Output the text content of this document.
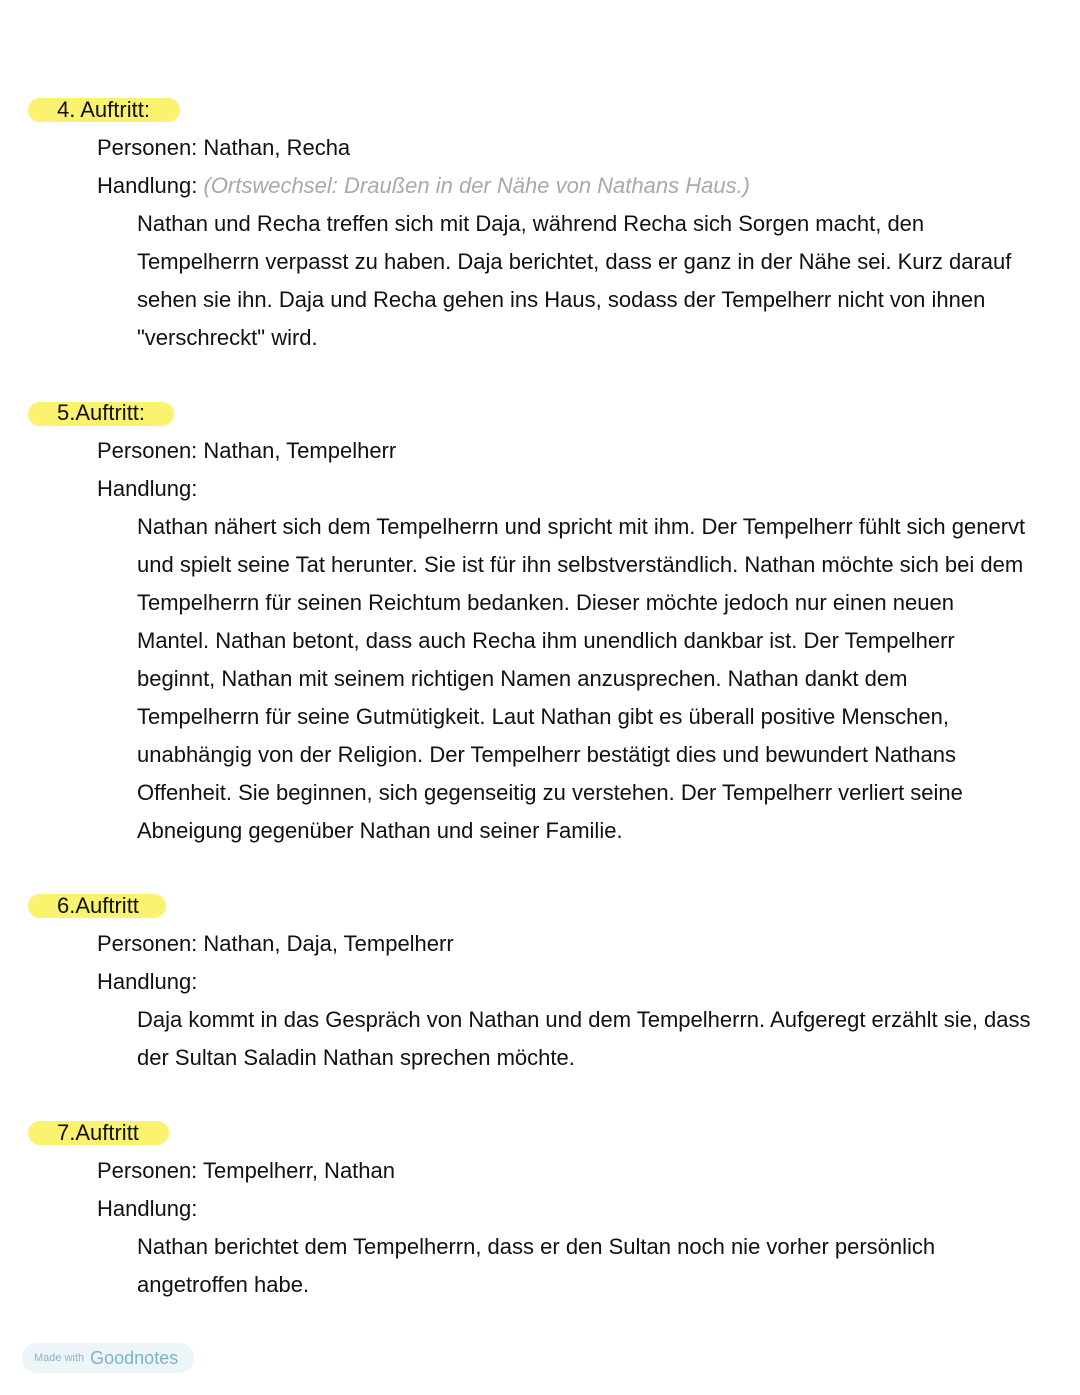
4. Auftritt:
Personen: Nathan, Recha
Handlung: (Ortswechsel: Draußen in der Nähe von Nathans Haus.)

Nathan und Recha treffen sich mit Daja, während Recha sich Sorgen macht, den Tempelherrn verpasst zu haben. Daja berichtet, dass er ganz in der Nähe sei. Kurz darauf sehen sie ihn. Daja und Recha gehen ins Haus, sodass der Tempelherr nicht von ihnen "verschreckt" wird.

5.Auftritt:
Personen: Nathan, Tempelherr
Handlung:

Nathan nähert sich dem Tempelherrn und spricht mit ihm. Der Tempelherr fühlt sich genervt und spielt seine Tat herunter. Sie ist für ihn selbstverständlich. Nathan möchte sich bei dem Tempelherrn für seinen Reichtum bedanken. Dieser möchte jedoch nur einen neuen Mantel. Nathan betont, dass auch Recha ihm unendlich dankbar ist. Der Tempelherr beginnt, Nathan mit seinem richtigen Namen anzusprechen. Nathan dankt dem Tempelherrn für seine Gutmütigkeit. Laut Nathan gibt es überall positive Menschen, unabhängig von der Religion. Der Tempelherr bestätigt dies und bewundert Nathans Offenheit. Sie beginnen, sich gegenseitig zu verstehen. Der Tempelherr verliert seine Abneigung gegenüber Nathan und seiner Familie.

6.Auftritt
Personen: Nathan, Daja, Tempelherr
Handlung:

Daja kommt in das Gespräch von Nathan und dem Tempelherrn. Aufgeregt erzählt sie, dass der Sultan Saladin Nathan sprechen möchte.

7.Auftritt
Personen: Tempelherr, Nathan
Handlung:

Nathan berichtet dem Tempelherrn, dass er den Sultan noch nie vorher persönlich angetroffen habe.

Made with Goodnotes
